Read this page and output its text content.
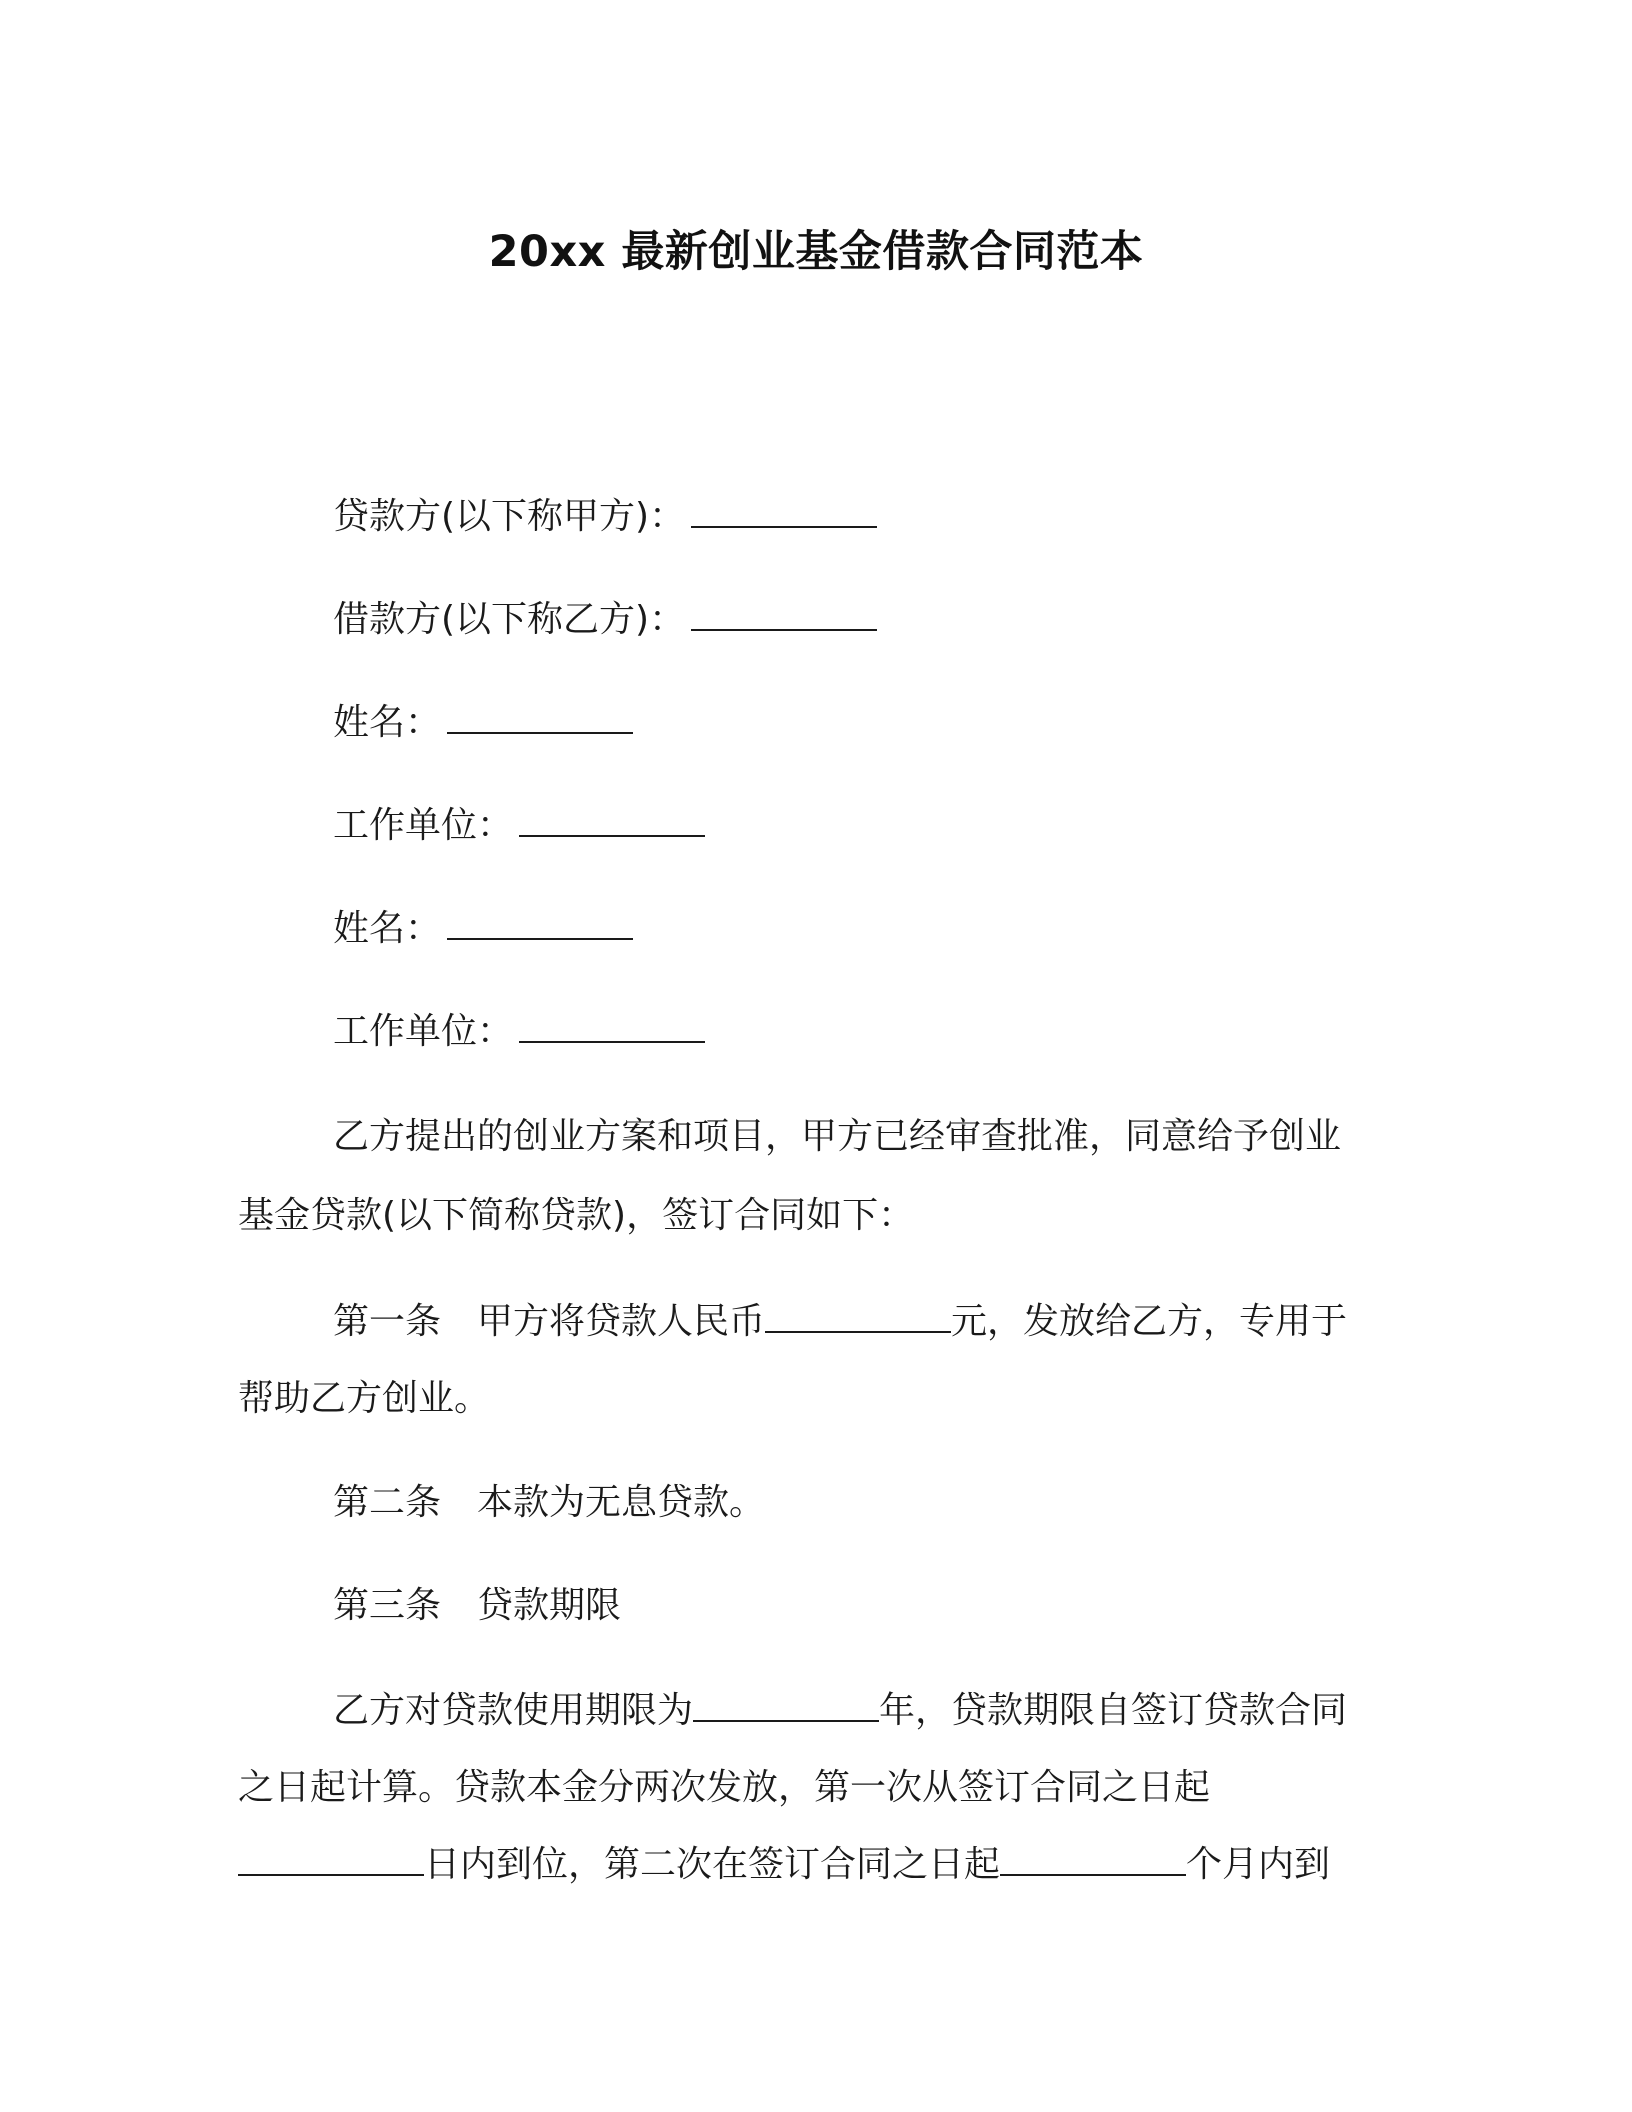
20xx 最新创业基金借款合同范本
贷款方(以下称甲方)：
借款方(以下称乙方)：
姓名：
工作单位：
姓名：
工作单位：
乙方提出的创业方案和项目，甲方已经审查批准，同意给予创业
基金贷款(以下简称贷款)，签订合同如下：
第一条 甲方将贷款人民币	元，发放给乙方，专用于
帮助乙方创业。
第二条 本款为无息贷款。
第三条 贷款期限
乙方对贷款使用期限为	年，贷款期限自签订贷款合同
之日起计算。贷款本金分两次发放，第一次从签订合同之日起
日内到位，第二次在签订合同之日起	个月内到
